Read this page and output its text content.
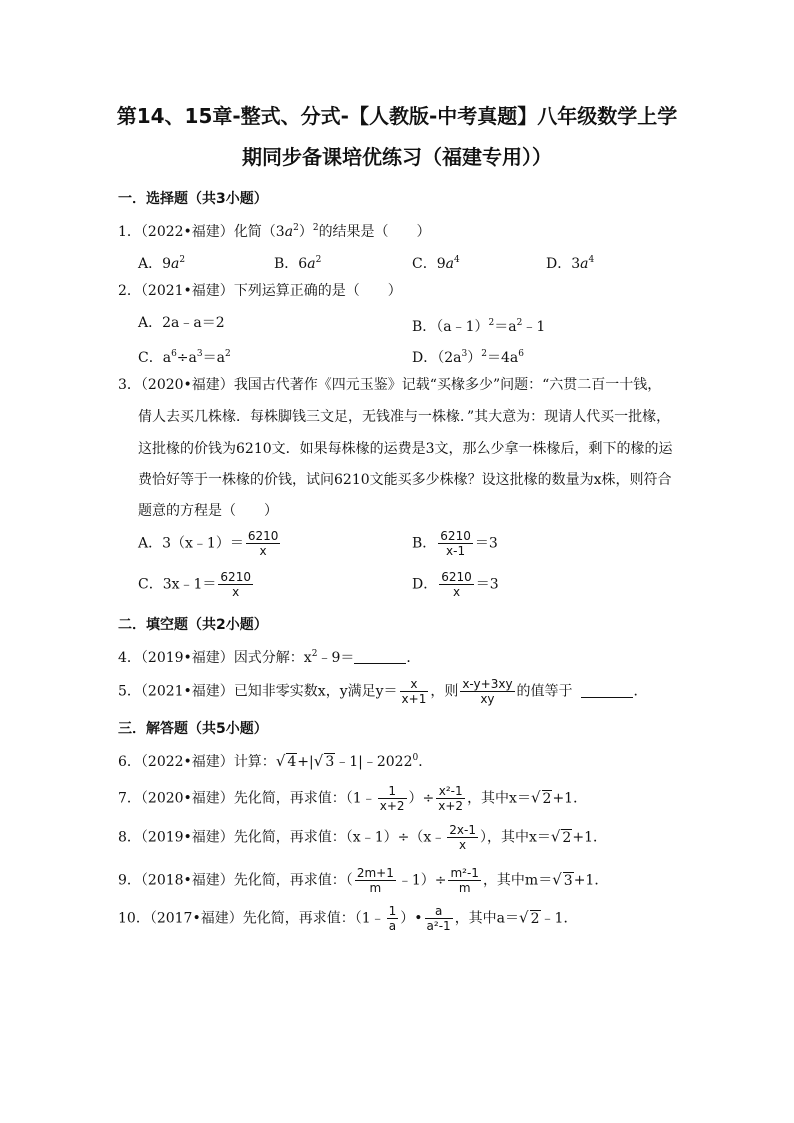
第14、15章-整式、分式-【人教版-中考真题】八年级数学上学
期同步备课培优练习（福建专用））
一．选择题（共3小题）
1．（2022•福建）化简$(3a^2)^2$的结果是（　　）
A．$9a^2$	B．$6a^2$	C．$9a^4$	D．$3a^4$
2．（2021•福建）下列运算正确的是（　　）
A．2a﹣a＝2	B．$(a﹣1)^2=a^2﹣1$
C．$a^6\div a^3=a^2$	D．$(2a^3)^2=4a^6$
3．（2020•福建）我国古代著作《四元玉鉴》记载“买椽多少”问题：“六贯二百一十钱，
倩人去买几株椽．每株脚钱三文足，无钱准与一株椽．”其大意为：现请人代买一批椽，
这批椽的价钱为6210文．如果每株椽的运费是3文，那么少拿一株椽后，剩下的椽的运
费恰好等于一株椽的价钱，试问6210文能买多少株椽？设这批椽的数量为x株，则符合
题意的方程是（　　）
A．3（x﹣1）＝ $\frac{6210}{x}$	B． $\frac{6210}{x-1} =3$
C．3x﹣1＝ $\frac{6210}{x}$	D． $\frac{6210}{x} =3$
二．填空题（共2小题）
4．（2019•福建）因式分解：$x^2﹣9=$	．
5．（2021•福建）已知非零实数x，y满足$y= \frac{x}{x+1}$ ，则 $\frac{x-y+3xy}{xy}$ 的值等于	．
三．解答题（共5小题）
6．（2022•福建）计算：√ 4+|√ 3﹣1|﹣2022$^0$．
7．（2020•福建）先化简，再求值：（1﹣ $\frac{1}{x+2}$ ）÷ $\frac{\text{x²-1}}{x+2}$ ，其中x＝√ 2+1．
8．（2019•福建）先化简，再求值：（x﹣1）÷（x﹣ $\frac{2x-1}{x}$ ），其中x＝√ 2+1．
9．（2018•福建）先化简，再求值：（ $\frac{2m+1}{m}$ ﹣1）÷ $\frac{\text{m²-1}}{m}$ ，其中m＝√ 3+1．
10．（2017•福建）先化简，再求值：（1﹣ $\frac{1}{a}$ ）• $\frac{a}{\text{a²-1}}$ ，其中a＝√ 2﹣1．
